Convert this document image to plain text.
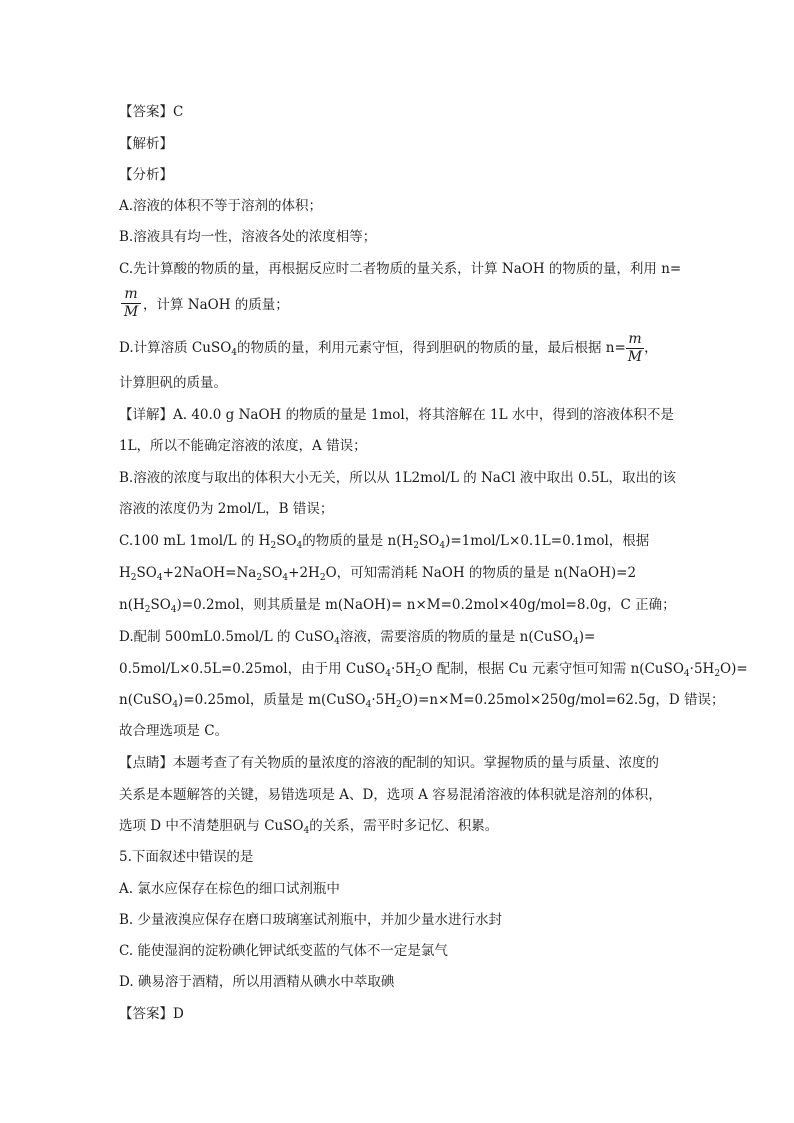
【答案】C
【解析】
【分析】
A.溶液的体积不等于溶剂的体积；
B.溶液具有均一性，溶液各处的浓度相等；
C.先计算酸的物质的量，再根据反应时二者物质的量关系，计算 NaOH 的物质的量，利用 n=
$\frac{m}{M}$ ，计算 NaOH 的质量；
D.计算溶质 CuSO$_4$的物质的量，利用元素守恒，得到胆矾的物质的量，最后根据 $n= \frac{m}{M}$ ，
计算胆矾的质量。
【详解】A. 40.0 g NaOH 的物质的量是 1mol，将其溶解在 1L 水中，得到的溶液体积不是
1L，所以不能确定溶液的浓度，A 错误；
B.溶液的浓度与取出的体积大小无关，所以从 1L2mol/L 的 NaCl 液中取出 0.5L，取出的该
溶液的浓度仍为 2mol/L，B 错误；
C.100 mL 1mol/L 的 $H_2SO_4$的物质的量是 $n(H_2SO_4)=1mol/L\times 0.1L=0.1mol$，根据
$H_2SO_4+2NaOH=Na_2SO_4+2H_2O$，可知需消耗 NaOH 的物质的量是 n(NaOH)=2
$n(H_2SO_4)=0.2mol$，则其质量是 m(NaOH)= n×M=0.2mol×40g/mol=8.0g，C 正确；
D.配制 500mL0.5mol/L 的 CuSO$_4$溶液，需要溶质的物质的量是 n(CuSO$_4$)=
0.5mol/L×0.5L=0.25mol，由于用 $CuSO_4\cdot 5H_2O$ 配制，根据 Cu 元素守恒可知需 $n(CuSO_4\cdot 5H_2O)=$
n(CuSO$_4$)=0.25mol，质量是 $m(CuSO_4\cdot 5H_2O)=n\times M=0.25mol\times 250g/mol=62.5g$，D 错误；
故合理选项是 C。
【点睛】本题考查了有关物质的量浓度的溶液的配制的知识。掌握物质的量与质量、浓度的
关系是本题解答的关键，易错选项是 A、D，选项 A 容易混淆溶液的体积就是溶剂的体积，
选项 D 中不清楚胆矾与 CuSO$_4$的关系，需平时多记忆、积累。
5.下面叙述中错误的是
A. 氯水应保存在棕色的细口试剂瓶中
B. 少量液溴应保存在磨口玻璃塞试剂瓶中，并加少量水进行水封
C. 能使湿润的淀粉碘化钾试纸变蓝的气体不一定是氯气
D. 碘易溶于酒精，所以用酒精从碘水中萃取碘
【答案】D
